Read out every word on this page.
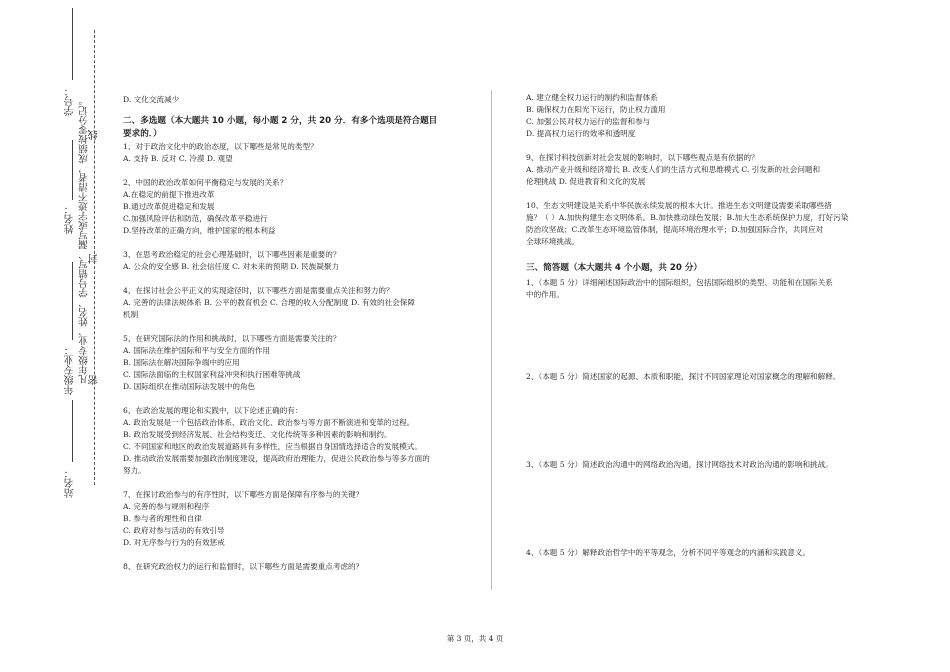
学号： 凡年级专业、姓名、学号错写、漏写或字迹不清者，成绩按零分记。 线
姓名：
封
年级专业： 密
站名：

D. 文化交流减少

二、多选题（本大题共 10 小题，每小题 2 分，共 20 分．有多个选项是符合题目

要求的．）

1、对于政治文化中的政治态度，以下哪些是常见的类型？

A. 支持 B. 反对 C. 冷漠 D. 观望

2、中国的政治改革如何平衡稳定与发展的关系？

A.在稳定的前提下推进改革

B.通过改革促进稳定和发展

C.加强风险评估和防范，确保改革平稳进行

D.坚持改革的正确方向，维护国家的根本利益

3、在思考政治稳定的社会心理基础时，以下哪些因素是重要的？

A. 公众的安全感 B. 社会信任度 C. 对未来的预期 D. 民族凝聚力

4、在探讨社会公平正义的实现途径时，以下哪些方面是需要重点关注和努力的？

A. 完善的法律法规体系 B. 公平的教育机会 C. 合理的收入分配制度 D. 有效的社会保障

机制

5、在研究国际法的作用和挑战时，以下哪些方面是需要关注的？

A. 国际法在维护国际和平与安全方面的作用

B. 国际法在解决国际争端中的应用

C. 国际法面临的主权国家利益冲突和执行困难等挑战

D. 国际组织在推动国际法发展中的角色

6、在政治发展的理论和实践中，以下论述正确的有：

A. 政治发展是一个包括政治体系、政治文化、政治参与等方面不断演进和变革的过程。

B. 政治发展受到经济发展、社会结构变迁、文化传统等多种因素的影响和制约。

C. 不同国家和地区的政治发展道路具有多样性，应当根据自身国情选择适合的发展模式。

D. 推动政治发展需要加强政治制度建设，提高政府治理能力，促进公民政治参与等多方面的

努力。

7、在探讨政治参与的有序性时，以下哪些方面是保障有序参与的关键？

A. 完善的参与规则和程序

B. 参与者的理性和自律

C. 政府对参与活动的有效引导

D. 对无序参与行为的有效惩戒

8、在研究政治权力的运行和监督时，以下哪些方面是需要重点考虑的？

A. 建立健全权力运行的制约和监督体系

B. 确保权力在阳光下运行，防止权力滥用

C. 加强公民对权力运行的监督和参与

D. 提高权力运行的效率和透明度

9、在探讨科技创新对社会发展的影响时，以下哪些观点是有依据的？

A. 推动产业升级和经济增长 B. 改变人们的生活方式和思维模式 C. 引发新的社会问题和

伦理挑战 D. 促进教育和文化的发展

10、生态文明建设是关系中华民族永续发展的根本大计。推进生态文明建设需要采取哪些措

施？（ ）A.加快构建生态文明体系。B.加快推动绿色发展；B.加大生态系统保护力度，打好污染

防治攻坚战；C.改革生态环境监管体制，提高环境治理水平；D.加强国际合作，共同应对

全球环境挑战。

三、简答题（本大题共 4 个小题，共 20 分）

1、（本题 5 分）详细阐述国际政治中的国际组织，包括国际组织的类型、功能和在国际关系

中的作用。

2、（本题 5 分）简述国家的起源、本质和职能，探讨不同国家理论对国家概念的理解和解释。

3、（本题 5 分）简述政治沟通中的网络政治沟通，探讨网络技术对政治沟通的影响和挑战。

4、（本题 5 分）解释政治哲学中的平等观念，分析不同平等观念的内涵和实践意义。

第 3 页，共 4 页
